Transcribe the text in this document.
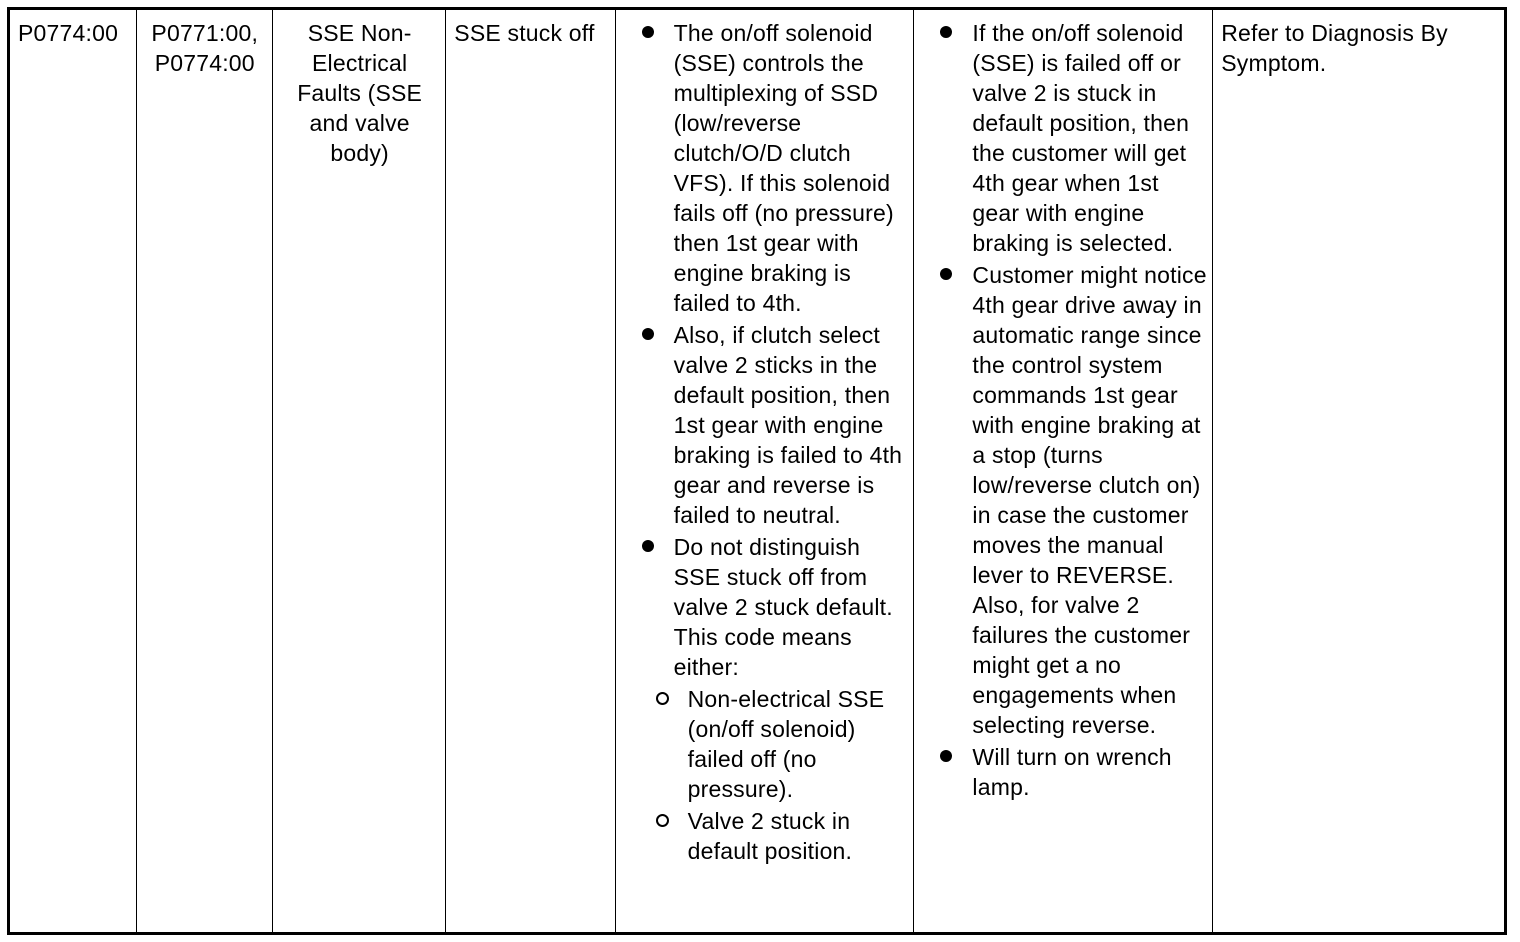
P0774:00	P0771:00, P0774:00
SSE Non-Electrical Faults (SSE and valve body)
SSE stuck off	The on/off solenoid (SSE) controls the multiplexing of SSD (low/reverse clutch/O/D clutch VFS). If this solenoid fails off (no pressure) then 1st gear with engine braking is failed to 4th.
Also, if clutch select valve 2 sticks in the default position, then 1st gear with engine braking is failed to 4th gear and reverse is failed to neutral.
Do not distinguish SSE stuck off from valve 2 stuck default. This code means either:
Non-electrical SSE (on/off solenoid) failed off (no pressure).
Valve 2 stuck in default position.
If the on/off solenoid (SSE) is failed off or valve 2 is stuck in default position, then the customer will get 4th gear when 1st gear with engine braking is selected.
Customer might notice 4th gear drive away in automatic range since the control system commands 1st gear with engine braking at a stop (turns low/reverse clutch on) in case the customer moves the manual lever to REVERSE. Also, for valve 2 failures the customer might get a no engagements when selecting reverse.
Will turn on wrench lamp.
Refer to Diagnosis By Symptom.
